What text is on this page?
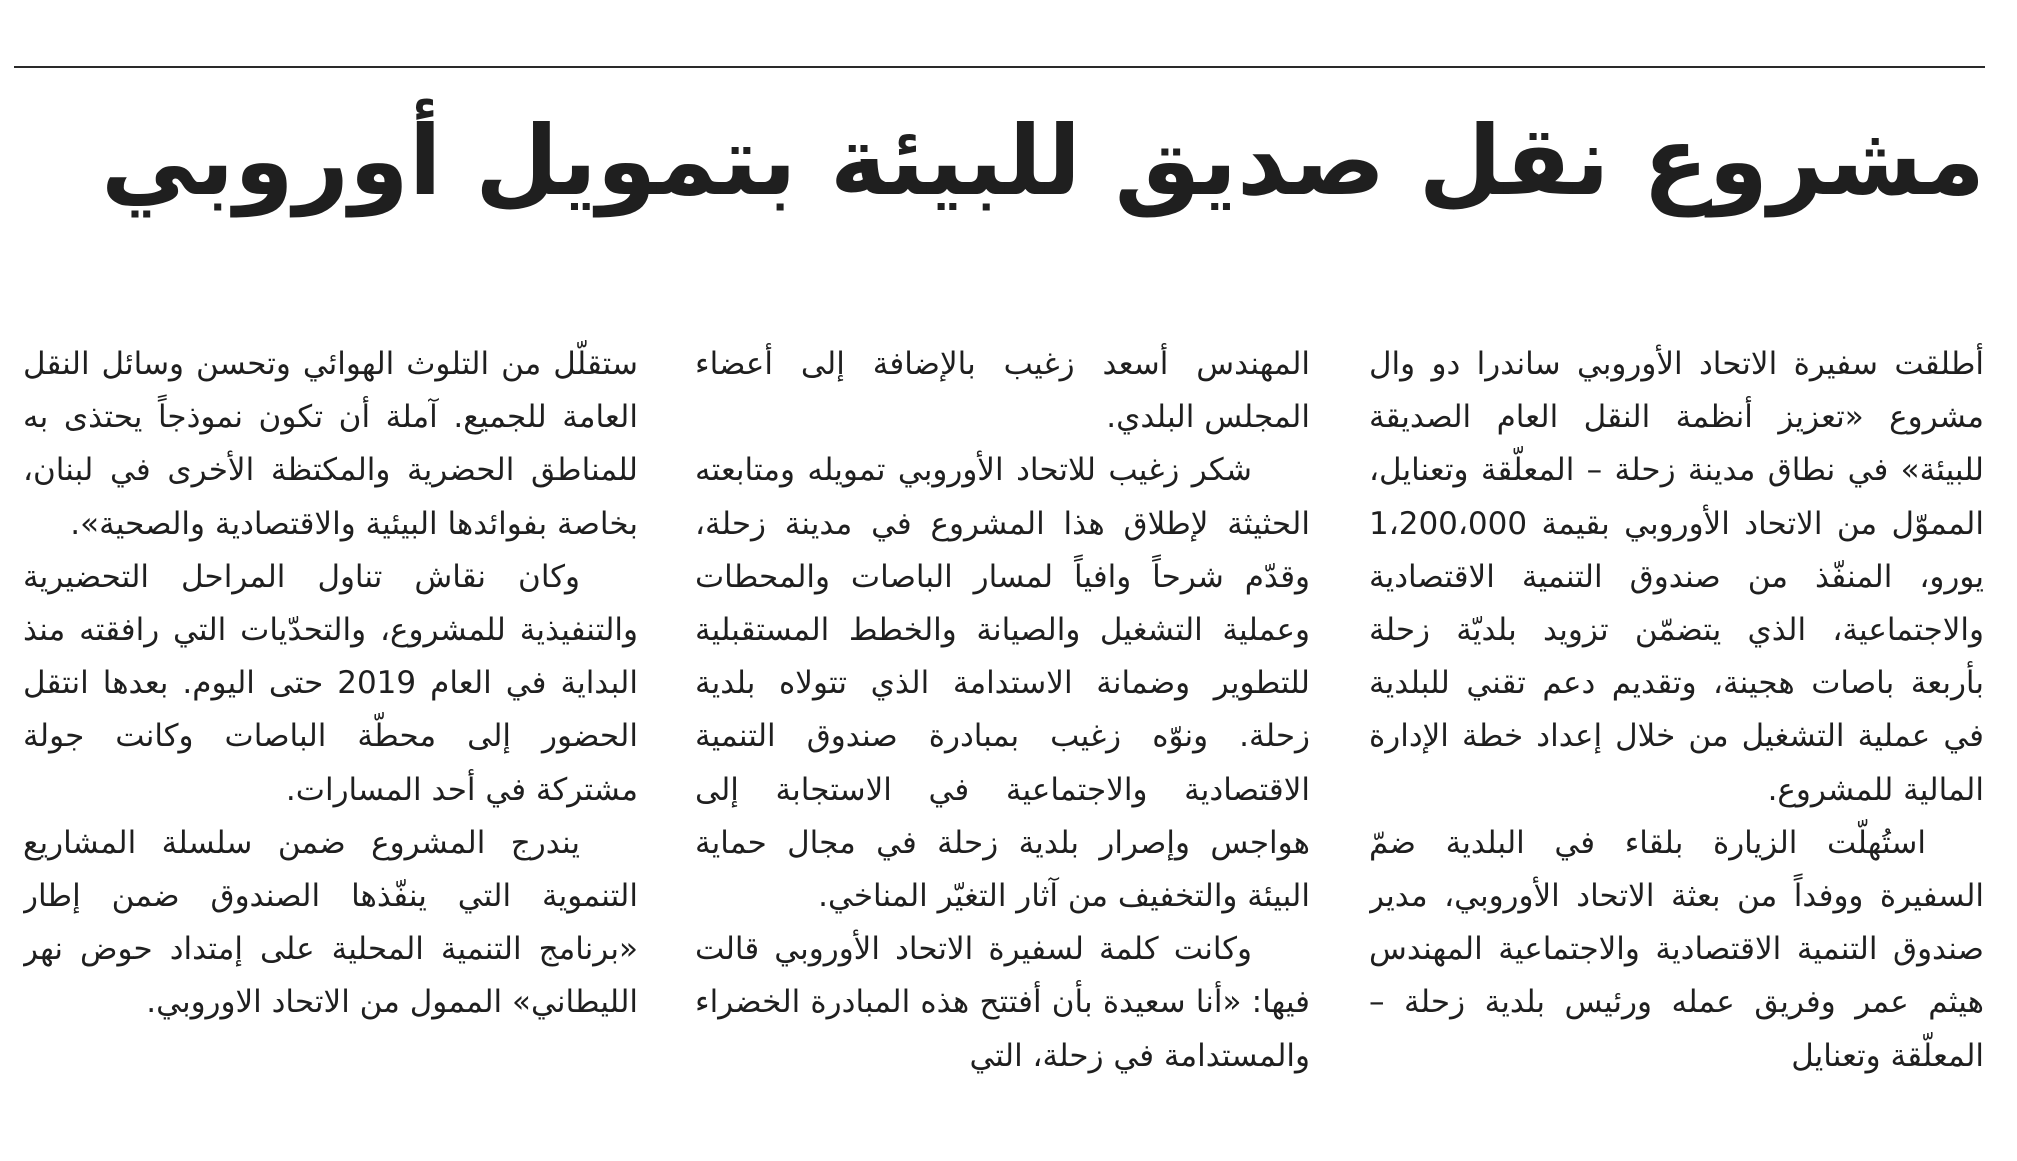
مشروع نقل صديق للبيئة بتمويل أوروبي

أطلقت سفيرة الاتحاد الأوروبي ساندرا دو وال مشروع «تعزيز أنظمة النقل العام الصديقة للبيئة» في نطاق مدينة زحلة – المعلّقة وتعنايل، المموّل من الاتحاد الأوروبي بقيمة 1،200،000 يورو، المنفّذ من صندوق التنمية الاقتصادية والاجتماعية، الذي يتضمّن تزويد بلديّة زحلة بأربعة باصات هجينة، وتقديم دعم تقني للبلدية في عملية التشغيل من خلال إعداد خطة الإدارة المالية للمشروع.

استُهلّت الزيارة بلقاء في البلدية ضمّ السفيرة ووفداً من بعثة الاتحاد الأوروبي، مدير صندوق التنمية الاقتصادية والاجتماعية المهندس هيثم عمر وفريق عمله ورئيس بلدية زحلة – المعلّقة وتعنايل

المهندس أسعد زغيب بالإضافة إلى أعضاء المجلس البلدي.

شكر زغيب للاتحاد الأوروبي تمويله ومتابعته الحثيثة لإطلاق هذا المشروع في مدينة زحلة، وقدّم شرحاً وافياً لمسار الباصات والمحطات وعملية التشغيل والصيانة والخطط المستقبلية للتطوير وضمانة الاستدامة الذي تتولاه بلدية زحلة. ونوّه زغيب بمبادرة صندوق التنمية الاقتصادية والاجتماعية في الاستجابة إلى هواجس وإصرار بلدية زحلة في مجال حماية البيئة والتخفيف من آثار التغيّر المناخي.

وكانت كلمة لسفيرة الاتحاد الأوروبي قالت فيها: «أنا سعيدة بأن أفتتح هذه المبادرة الخضراء والمستدامة في زحلة، التي

ستقلّل من التلوث الهوائي وتحسن وسائل النقل العامة للجميع. آملة أن تكون نموذجاً يحتذى به للمناطق الحضرية والمكتظة الأخرى في لبنان، بخاصة بفوائدها البيئية والاقتصادية والصحية».

وكان نقاش تناول المراحل التحضيرية والتنفيذية للمشروع، والتحدّيات التي رافقته منذ البداية في العام 2019 حتى اليوم. بعدها انتقل الحضور إلى محطّة الباصات وكانت جولة مشتركة في أحد المسارات.

يندرج المشروع ضمن سلسلة المشاريع التنموية التي ينفّذها الصندوق ضمن إطار «برنامج التنمية المحلية على إمتداد حوض نهر الليطاني» الممول من الاتحاد الاوروبي.
